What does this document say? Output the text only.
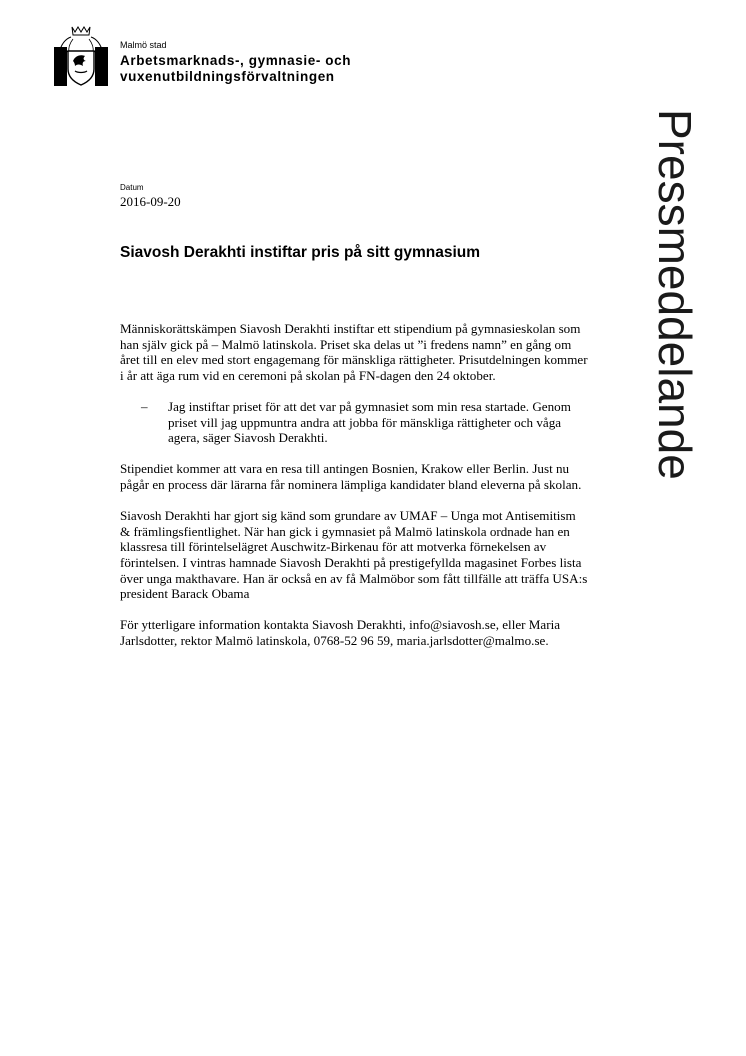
Malmö stad
Arbetsmarknads-, gymnasie- och vuxenutbildningsförvaltningen
Pressmeddelande
Datum
2016-09-20
Siavosh Derakhti instiftar pris på sitt gymnasium

Människorättskämpen Siavosh Derakhti instiftar ett stipendium på gymnasieskolan som han själv gick på – Malmö latinskola. Priset ska delas ut ”i fredens namn” en gång om året till en elev med stort engagemang för mänskliga rättigheter. Prisutdelningen kommer i år att äga rum vid en ceremoni på skolan på FN-dagen den 24 oktober.

– Jag instiftar priset för att det var på gymnasiet som min resa startade. Genom priset vill jag uppmuntra andra att jobba för mänskliga rättigheter och våga agera, säger Siavosh Derakhti.

Stipendiet kommer att vara en resa till antingen Bosnien, Krakow eller Berlin. Just nu pågår en process där lärarna får nominera lämpliga kandidater bland eleverna på skolan.

Siavosh Derakhti har gjort sig känd som grundare av UMAF – Unga mot Antisemitism & främlingsfientlighet. När han gick i gymnasiet på Malmö latinskola ordnade han en klassresa till förintelselägret Auschwitz-Birkenau för att motverka förnekelsen av förintelsen. I vintras hamnade Siavosh Derakhti på prestigefyllda magasinet Forbes lista över unga makthavare. Han är också en av få Malmöbor som fått tillfälle att träffa USA:s president Barack Obama

För ytterligare information kontakta Siavosh Derakhti, info@siavosh.se, eller Maria Jarlsdotter, rektor Malmö latinskola, 0768-52 96 59, maria.jarlsdotter@malmo.se.
